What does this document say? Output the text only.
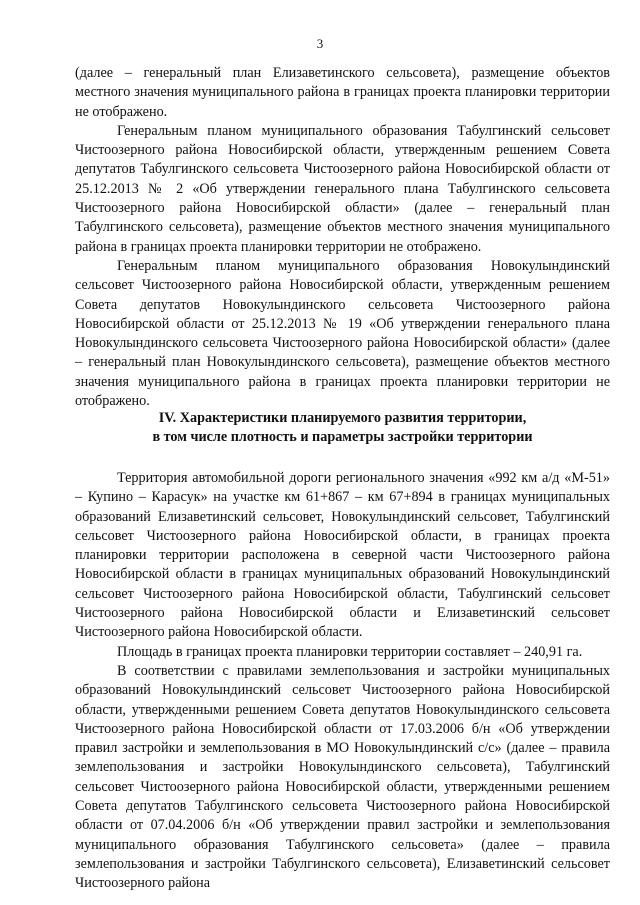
3

(далее – генеральный план Елизаветинского сельсовета), размещение объектов местного значения муниципального района в границах проекта планировки территории не отображено.

Генеральным планом муниципального образования Табулгинский сельсовет Чистоозерного района Новосибирской области, утвержденным решением Совета депутатов Табулгинского сельсовета Чистоозерного района Новосибирской области от 25.12.2013 № 2 «Об утверждении генерального плана Табулгинского сельсовета Чистоозерного района Новосибирской области» (далее – генеральный план Табулгинского сельсовета), размещение объектов местного значения муниципального района в границах проекта планировки территории не отображено.

Генеральным планом муниципального образования Новокулындинский сельсовет Чистоозерного района Новосибирской области, утвержденным решением Совета депутатов Новокулындинского сельсовета Чистоозерного района Новосибирской области от 25.12.2013 № 19 «Об утверждении генерального плана Новокулындинского сельсовета Чистоозерного района Новосибирской области» (далее – генеральный план Новокулындинского сельсовета), размещение объектов местного значения муниципального района в границах проекта планировки территории не отображено.

IV. Характеристики планируемого развития территории,
в том числе плотность и параметры застройки территории

Территория автомобильной дороги регионального значения «992 км а/д «М-51» – Купино – Карасук» на участке км 61+867 – км 67+894 в границах муниципальных образований Елизаветинский сельсовет, Новокулындинский сельсовет, Табулгинский сельсовет Чистоозерного района Новосибирской области, в границах проекта планировки территории расположена в северной части Чистоозерного района Новосибирской области в границах муниципальных образований Новокулындинский сельсовет Чистоозерного района Новосибирской области, Табулгинский сельсовет Чистоозерного района Новосибирской области и Елизаветинский сельсовет Чистоозерного района Новосибирской области.

Площадь в границах проекта планировки территории составляет – 240,91 га.

В соответствии с правилами землепользования и застройки муниципальных образований Новокулындинский сельсовет Чистоозерного района Новосибирской области, утвержденными решением Совета депутатов Новокулындинского сельсовета Чистоозерного района Новосибирской области от 17.03.2006 б/н «Об утверждении правил застройки и землепользования в МО Новокулындинский с/с» (далее – правила землепользования и застройки Новокулындинского сельсовета), Табулгинский сельсовет Чистоозерного района Новосибирской области, утвержденными решением Совета депутатов Табулгинского сельсовета Чистоозерного района Новосибирской области от 07.04.2006 б/н «Об утверждении правил застройки и землепользования муниципального образования Табулгинского сельсовета» (далее – правила землепользования и застройки Табулгинского сельсовета), Елизаветинский сельсовет Чистоозерного района
